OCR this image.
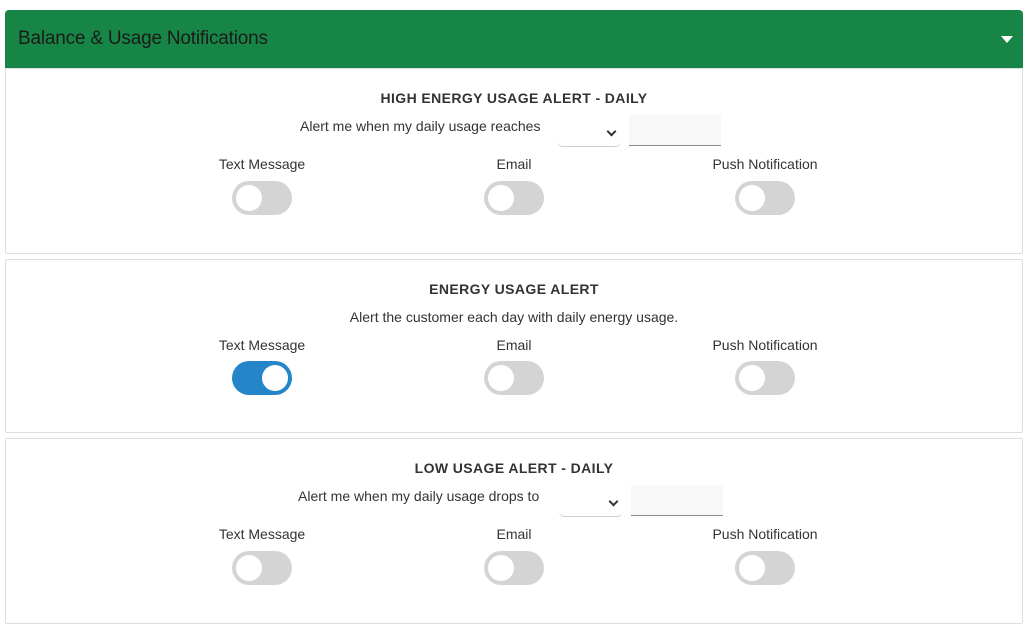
Balance & Usage Notifications
HIGH ENERGY USAGE ALERT - DAILY
Alert me when my daily usage reaches
Text Message	Email	Push Notification
ENERGY USAGE ALERT
Alert the customer each day with daily energy usage.
Text Message	Email	Push Notification
LOW USAGE ALERT - DAILY
Alert me when my daily usage drops to
Text Message	Email	Push Notification
